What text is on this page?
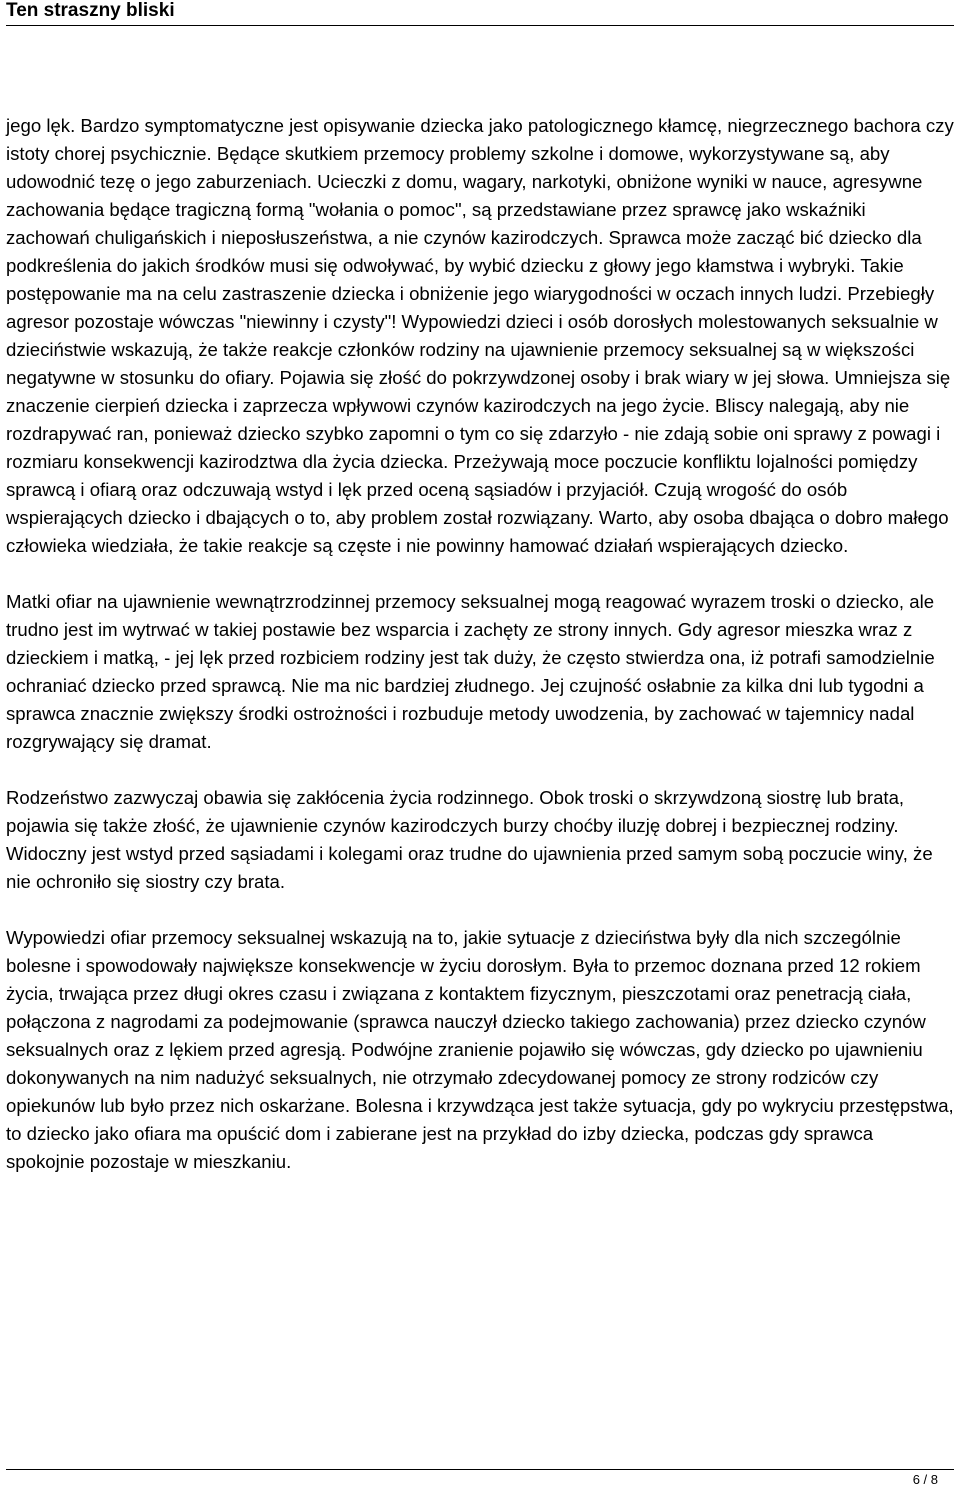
Ten straszny bliski

jego lęk. Bardzo symptomatyczne jest opisywanie dziecka jako patologicznego kłamcę, niegrzecznego bachora czy istoty chorej psychicznie. Będące skutkiem przemocy problemy szkolne i domowe, wykorzystywane są, aby udowodnić tezę o jego zaburzeniach. Ucieczki z domu, wagary, narkotyki, obniżone wyniki w nauce, agresywne zachowania będące tragiczną formą "wołania o pomoc", są przedstawiane przez sprawcę jako wskaźniki zachowań chuligańskich i nieposłuszeństwa, a nie czynów kazirodczych. Sprawca może zacząć bić dziecko dla podkreślenia do jakich środków musi się odwoływać, by wybić dziecku z głowy jego kłamstwa i wybryki. Takie postępowanie ma na celu zastraszenie dziecka i obniżenie jego wiarygodności w oczach innych ludzi. Przebiegły agresor pozostaje wówczas "niewinny i czysty"! Wypowiedzi dzieci i osób dorosłych molestowanych seksualnie w dzieciństwie wskazują, że także reakcje członków rodziny na ujawnienie przemocy seksualnej są w większości negatywne w stosunku do ofiary. Pojawia się złość do pokrzywdzonej osoby i brak wiary w jej słowa. Umniejsza się znaczenie cierpień dziecka i zaprzecza wpływowi czynów kazirodczych na jego życie. Bliscy nalegają, aby nie rozdrapywać ran, ponieważ dziecko szybko zapomni o tym co się zdarzyło - nie zdają sobie oni sprawy z powagi i rozmiaru konsekwencji kazirodztwa dla życia dziecka. Przeżywają moce poczucie konfliktu lojalności pomiędzy sprawcą i ofiarą oraz odczuwają wstyd i lęk przed oceną sąsiadów i przyjaciół. Czują wrogość do osób wspierających dziecko i dbających o to, aby problem został rozwiązany. Warto, aby osoba dbająca o dobro małego człowieka wiedziała, że takie reakcje są częste i nie powinny hamować działań wspierających dziecko.

Matki ofiar na ujawnienie wewnątrzrodzinnej przemocy seksualnej mogą reagować wyrazem troski o dziecko, ale trudno jest im wytrwać w takiej postawie bez wsparcia i zachęty ze strony innych. Gdy agresor mieszka wraz z dzieckiem i matką, - jej lęk przed rozbiciem rodziny jest tak duży, że często stwierdza ona, iż potrafi samodzielnie ochraniać dziecko przed sprawcą. Nie ma nic bardziej złudnego. Jej czujność osłabnie za kilka dni lub tygodni a sprawca znacznie zwiększy środki ostrożności i rozbuduje metody uwodzenia, by zachować w tajemnicy nadal rozgrywający się dramat.

Rodzeństwo zazwyczaj obawia się zakłócenia życia rodzinnego. Obok troski o skrzywdzoną siostrę lub brata, pojawia się także złość, że ujawnienie czynów kazirodczych burzy choćby iluzję dobrej i bezpiecznej rodziny. Widoczny jest wstyd przed sąsiadami i kolegami oraz trudne do ujawnienia przed samym sobą poczucie winy, że nie ochroniło się siostry czy brata.

Wypowiedzi ofiar przemocy seksualnej wskazują na to, jakie sytuacje z dzieciństwa były dla nich szczególnie bolesne i spowodowały największe konsekwencje w życiu dorosłym. Była to przemoc doznana przed 12 rokiem życia, trwająca przez długi okres czasu i związana z kontaktem fizycznym, pieszczotami oraz penetracją ciała, połączona z nagrodami za podejmowanie (sprawca nauczył dziecko takiego zachowania) przez dziecko czynów seksualnych oraz z lękiem przed agresją. Podwójne zranienie pojawiło się wówczas, gdy dziecko po ujawnieniu dokonywanych na nim nadużyć seksualnych, nie otrzymało zdecydowanej pomocy ze strony rodziców czy opiekunów lub było przez nich oskarżane. Bolesna i krzywdząca jest także sytuacja, gdy po wykryciu przestępstwa, to dziecko jako ofiara ma opuścić dom i zabierane jest na przykład do izby dziecka, podczas gdy sprawca spokojnie pozostaje w mieszkaniu.

6 / 8
